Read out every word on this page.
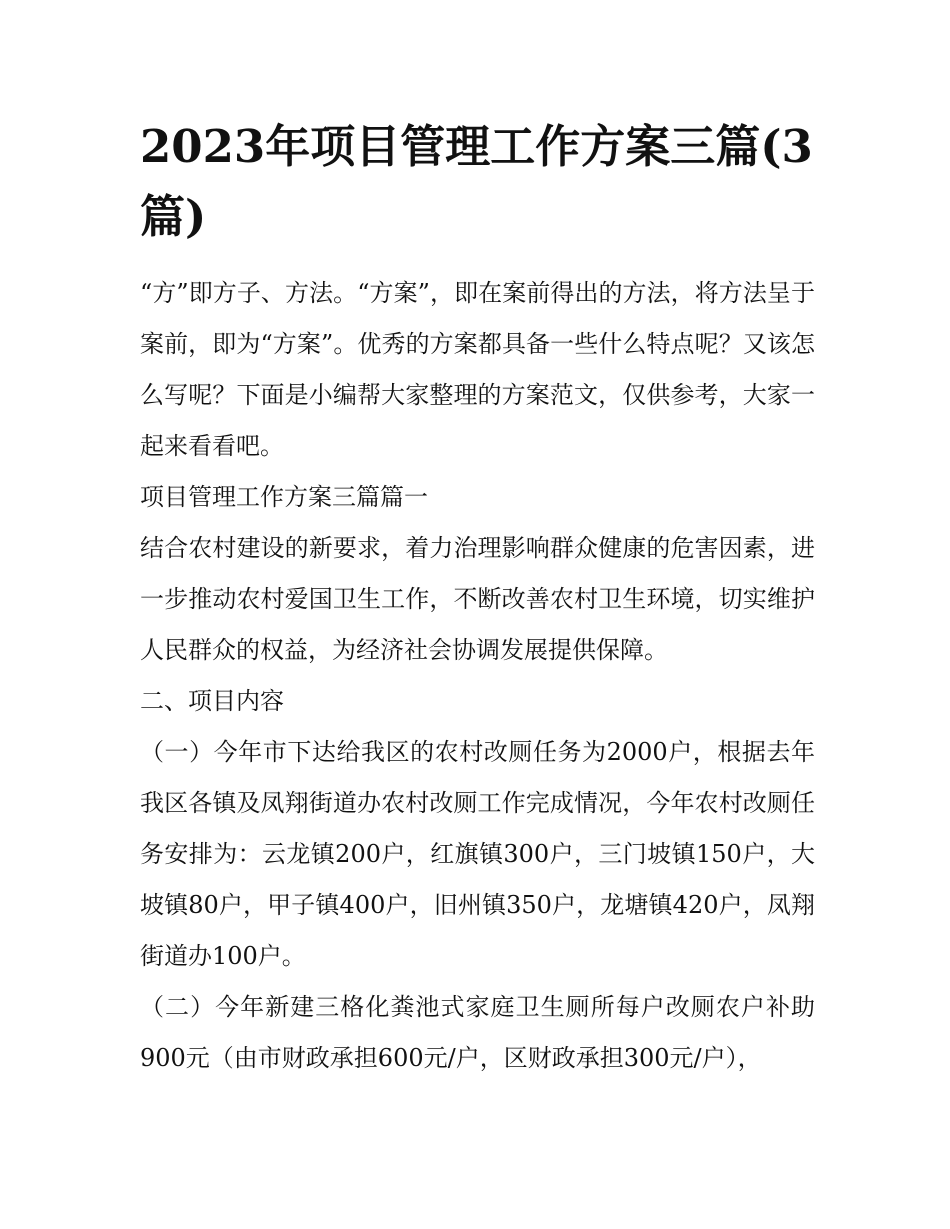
2023年项目管理工作方案三篇(3篇)

“方”即方子、方法。“方案”，即在案前得出的方法，将方法呈于案前，即为“方案”。优秀的方案都具备一些什么特点呢？又该怎么写呢？下面是小编帮大家整理的方案范文，仅供参考，大家一起来看看吧。

项目管理工作方案三篇篇一

结合农村建设的新要求，着力治理影响群众健康的危害因素，进一步推动农村爱国卫生工作，不断改善农村卫生环境，切实维护人民群众的权益，为经济社会协调发展提供保障。

二、项目内容

（一）今年市下达给我区的农村改厕任务为2000户，根据去年我区各镇及凤翔街道办农村改厕工作完成情况，今年农村改厕任务安排为：云龙镇200户，红旗镇300户，三门坡镇150户，大坡镇80户，甲子镇400户，旧州镇350户，龙塘镇420户，凤翔街道办100户。

（二）今年新建三格化粪池式家庭卫生厕所每户改厕农户补助900元（由市财政承担600元/户，区财政承担300元/户），
